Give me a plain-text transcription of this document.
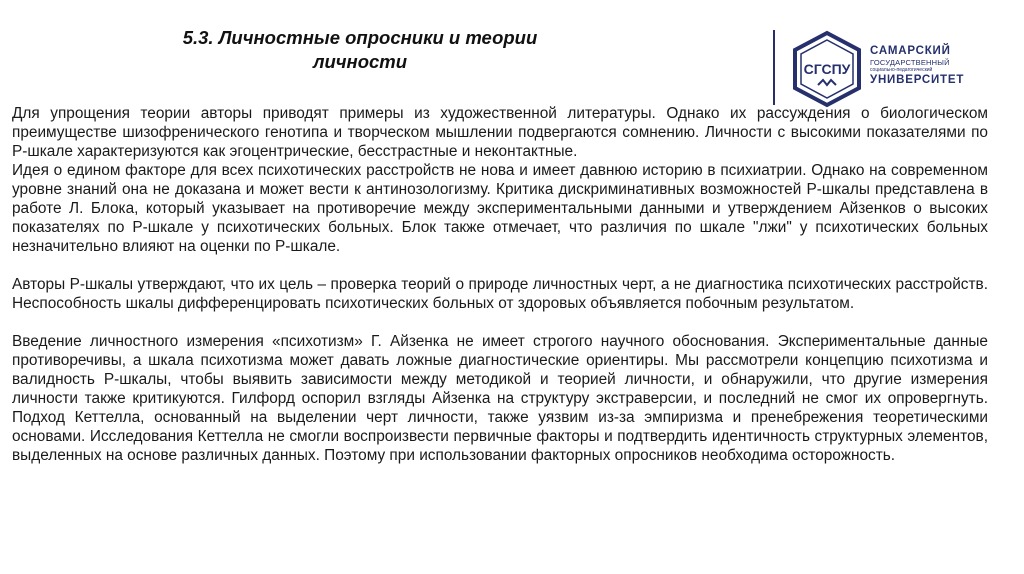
5.3. Личностные опросники и теории
личности	СГСПУ
САМАРСКИЙ
ГОСУДАРСТВЕННЫЙ
социально-педагогический
УНИВЕРСИТЕТ

Для упрощения теории авторы приводят примеры из художественной литературы. Однако их рассуждения о биологическом преимуществе шизофренического генотипа и творческом мышлении подвергаются сомнению. Личности с высокими показателями по P-шкале характеризуются как эгоцентрические, бесстрастные и неконтактные.

Идея о едином факторе для всех психотических расстройств не нова и имеет давнюю историю в психиатрии. Однако на современном уровне знаний она не доказана и может вести к антинозологизму. Критика дискриминативных возможностей P-шкалы представлена в работе Л. Блока, который указывает на противоречие между экспериментальными данными и утверждением Айзенков о высоких показателях по P-шкале у психотических больных. Блок также отмечает, что различия по шкале "лжи" у психотических больных незначительно влияют на оценки по P-шкале.

Авторы P-шкалы утверждают, что их цель – проверка теорий о природе личностных черт, а не диагностика психотических расстройств. Неспособность шкалы дифференцировать психотических больных от здоровых объявляется побочным результатом.

Введение личностного измерения «психотизм» Г. Айзенка не имеет строгого научного обоснования. Экспериментальные данные противоречивы, а шкала психотизма может давать ложные диагностические ориентиры. Мы рассмотрели концепцию психотизма и валидность P-шкалы, чтобы выявить зависимости между методикой и теорией личности, и обнаружили, что другие измерения личности также критикуются. Гилфорд оспорил взгляды Айзенка на структуру экстраверсии, и последний не смог их опровергнуть. Подход Кеттелла, основанный на выделении черт личности, также уязвим из-за эмпиризма и пренебрежения теоретическими основами. Исследования Кеттелла не смогли воспроизвести первичные факторы и подтвердить идентичность структурных элементов, выделенных на основе различных данных. Поэтому при использовании факторных опросников необходима осторожность.
